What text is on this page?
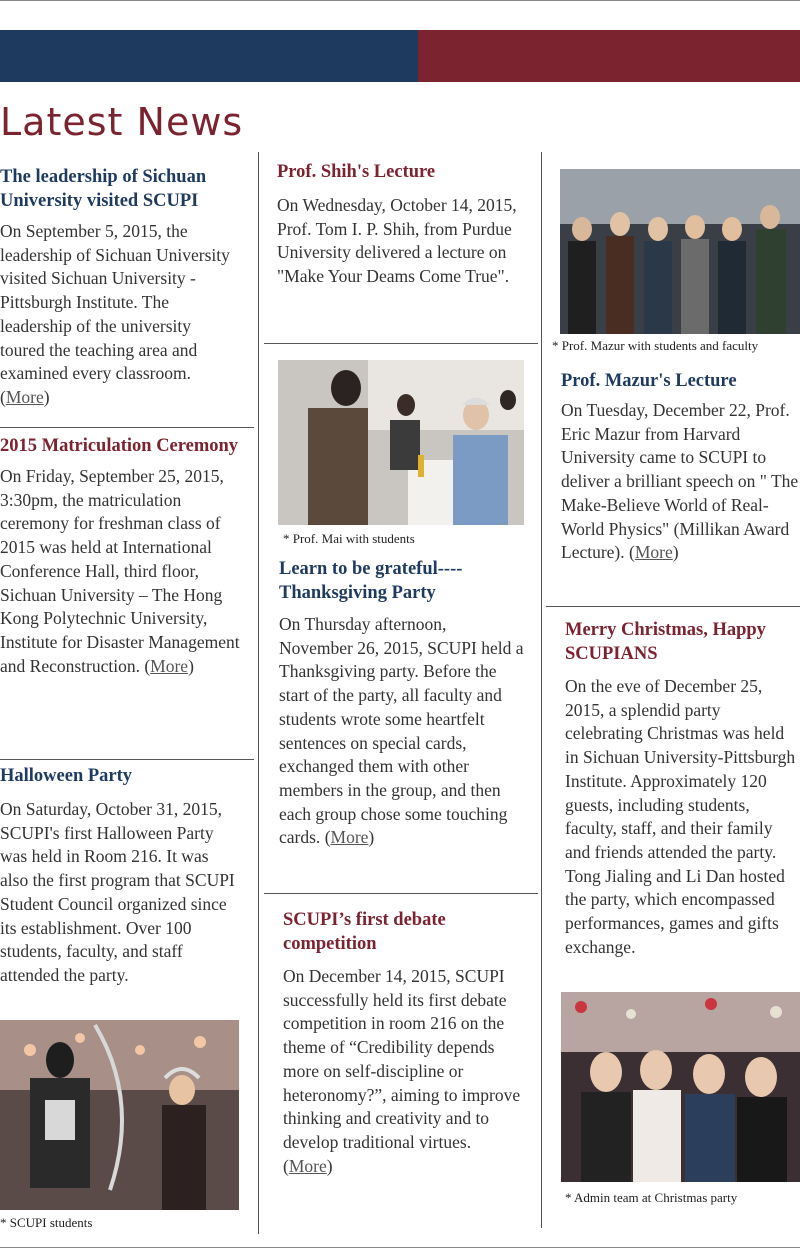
Latest News

The leadership of Sichuan University visited SCUPI

On September 5, 2015, the leadership of Sichuan University visited Sichuan University - Pittsburgh Institute. The leadership of the university toured the teaching area and examined every classroom. (More)

2015 Matriculation Ceremony

On Friday, September 25, 2015, 3:30pm, the matriculation ceremony for freshman class of 2015 was held at International Conference Hall, third floor, Sichuan University – The Hong Kong Polytechnic University, Institute for Disaster Management and Reconstruction. (More)

Halloween Party

On Saturday, October 31, 2015, SCUPI's first Halloween Party was held in Room 216. It was also the first program that SCUPI Student Council organized since its establishment. Over 100 students, faculty, and staff attended the party.

* SCUPI students

Prof. Shih's Lecture

On Wednesday, October 14, 2015, Prof. Tom I. P. Shih, from Purdue University delivered a lecture on "Make Your Deams Come True".

* Prof. Mai with students

Learn to be grateful----Thanksgiving Party

On Thursday afternoon, November 26, 2015, SCUPI held a Thanksgiving party. Before the start of the party, all faculty and students wrote some heartfelt sentences on special cards, exchanged them with other members in the group, and then each group chose some touching cards. (More)

SCUPI’s first debate competition

On December 14, 2015, SCUPI successfully held its first debate competition in room 216 on the theme of “Credibility depends more on self-discipline or heteronomy?”, aiming to improve thinking and creativity and to develop traditional virtues. (More)

* Prof. Mazur with students and faculty

Prof. Mazur's Lecture

On Tuesday, December 22, Prof. Eric Mazur from Harvard University came to SCUPI to deliver a brilliant speech on " The Make-Believe World of Real-World Physics" (Millikan Award Lecture). (More)

Merry Christmas, Happy SCUPIANS

On the eve of December 25, 2015, a splendid party celebrating Christmas was held in Sichuan University-Pittsburgh Institute. Approximately 120 guests, including students, faculty, staff, and their family and friends attended the party. Tong Jialing and Li Dan hosted the party, which encompassed performances, games and gifts exchange.

* Admin team at Christmas party
